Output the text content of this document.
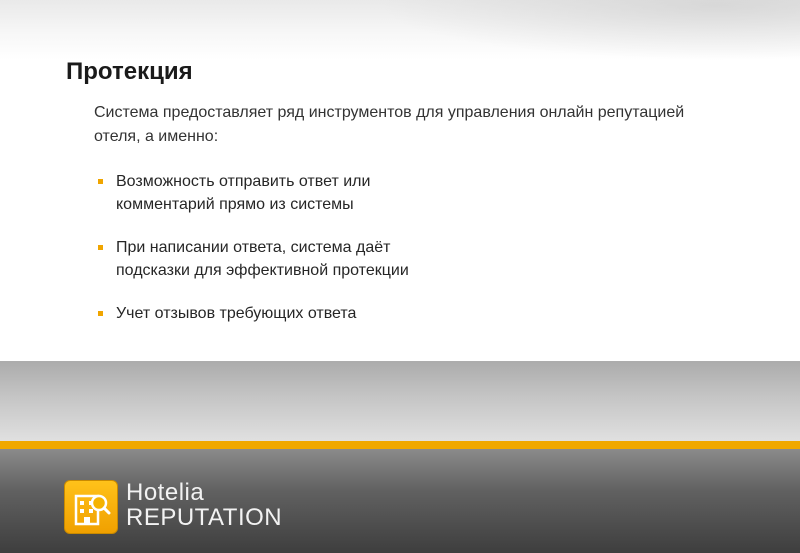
Протекция

Система предоставляет ряд инструментов для управления онлайн репутацией отеля, а именно:

Возможность отправить ответ или
комментарий прямо из системы
При написании ответа, система даёт
подсказки для эффективной протекции
Учет отзывов требующих ответа
Hotelia
REPUTATION
